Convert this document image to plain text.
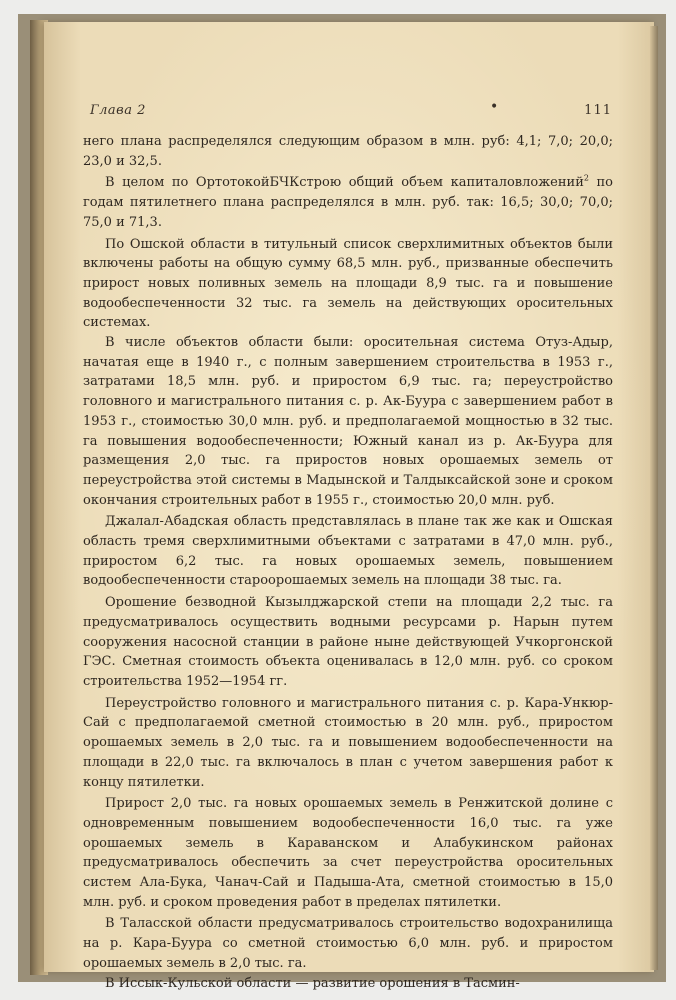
Глава 2	•	111

него плана распределялся следующим образом в млн. руб: 4,1; 7,0; 20,0; 23,0 и 32,5.

В целом по ОртотокойБЧКстрою общий объем капиталовложений$^2$ по годам пятилетнего плана распределялся в млн. руб. так: 16,5; 30,0; 70,0; 75,0 и 71,3.

По Ошской области в титульный список сверхлимитных объектов были включены работы на общую сумму 68,5 млн. руб., призванные обеспечить прирост новых поливных земель на площади 8,9 тыс. га и повышение водообеспеченности 32 тыс. га земель на действующих оросительных системах.

В числе объектов области были: оросительная система Отуз-Адыр, начатая еще в 1940 г., с полным завершением строительства в 1953 г., затратами 18,5 млн. руб. и приростом 6,9 тыс. га; переустройство головного и магистрального питания с. р. Ак-Буура с завершением работ в 1953 г., стоимостью 30,0 млн. руб. и предполагаемой мощностью в 32 тыс. га повышения водообеспеченности; Южный канал из р. Ак-Буура для размещения 2,0 тыс. га приростов новых орошаемых земель от переустройства этой системы в Мадынской и Талдыксайской зоне и сроком окончания строительных работ в 1955 г., стоимостью 20,0 млн. руб.

Джалал-Абадская область представлялась в плане так же как и Ошская область тремя сверхлимитными объектами с затратами в 47,0 млн. руб., приростом 6,2 тыс. га новых орошаемых земель, повышением водообеспеченности староорошаемых земель на площади 38 тыс. га.

Орошение безводной Кызылджарской степи на площади 2,2 тыс. га предусматривалось осуществить водными ресурсами р. Нарын путем сооружения насосной станции в районе ныне действующей Учкоргонской ГЭС. Сметная стоимость объекта оценивалась в 12,0 млн. руб. со сроком строительства 1952—1954 гг.

Переустройство головного и магистрального питания с. р. Кара-Ункюр-Сай с предполагаемой сметной стоимостью в 20 млн. руб., приростом орошаемых земель в 2,0 тыс. га и повышением водообеспеченности на площади в 22,0 тыс. га включалось в план с учетом завершения работ к концу пятилетки.

Прирост 2,0 тыс. га новых орошаемых земель в Ренжитской долине с одновременным повышением водообеспеченности 16,0 тыс. га уже орошаемых земель в Караванском и Алабукинском районах предусматривалось обеспечить за счет переустройства оросительных систем Ала-Бука, Чанач-Сай и Падыша-Ата, сметной стоимостью в 15,0 млн. руб. и сроком проведения работ в пределах пятилетки.

В Таласской области предусматривалось строительство водохранилища на р. Кара-Буура со сметной стоимостью 6,0 млн. руб. и приростом орошаемых земель в 2,0 тыс. га.

В Иссык-Кульской области — развитие орошения в Тасмин-
